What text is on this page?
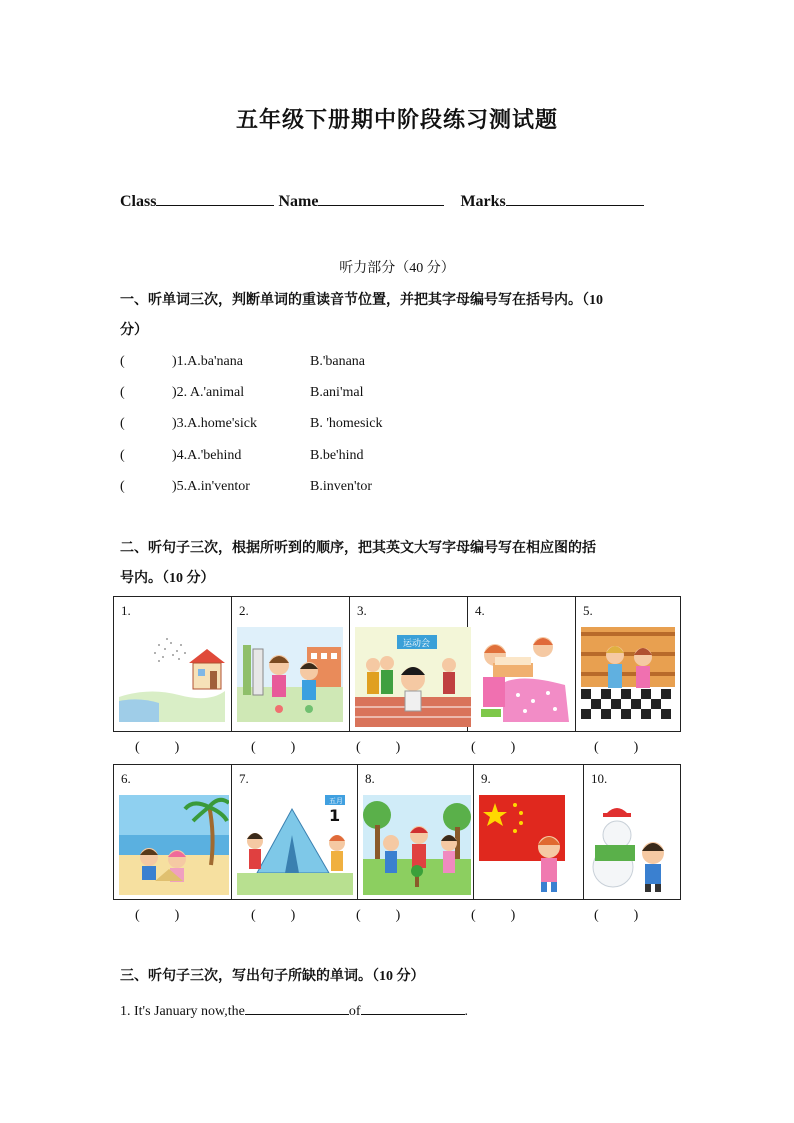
五年级下册期中阶段练习测试题
Class	Name	Marks
听力部分（40 分）
一、听单词三次，判断单词的重读音节位置，并把其字母编号写在括号内。（10
分）
(	)1.A.ba'nana	B.'banana
(	)2. A.'animal	B.ani'mal
(	)3.A.home'sick	B. 'homesick
(	)4.A.'behind	B.be'hind
(	)5.A.in'ventor	B.inven'tor
二、听句子三次，根据所听到的顺序，把其英文大写字母编号写在相应图的括
号内。（10 分）
1.	2.	3.
运动会
4.	5.
(          )	(          )	(          )	(          )	(          )
6.	7.
五月
1
8.	9.	10.
(          )	(          )	(          )	(          )	(          )
三、听句子三次，写出句子所缺的单词。（10 分）
1. It's January now,the	of	.
